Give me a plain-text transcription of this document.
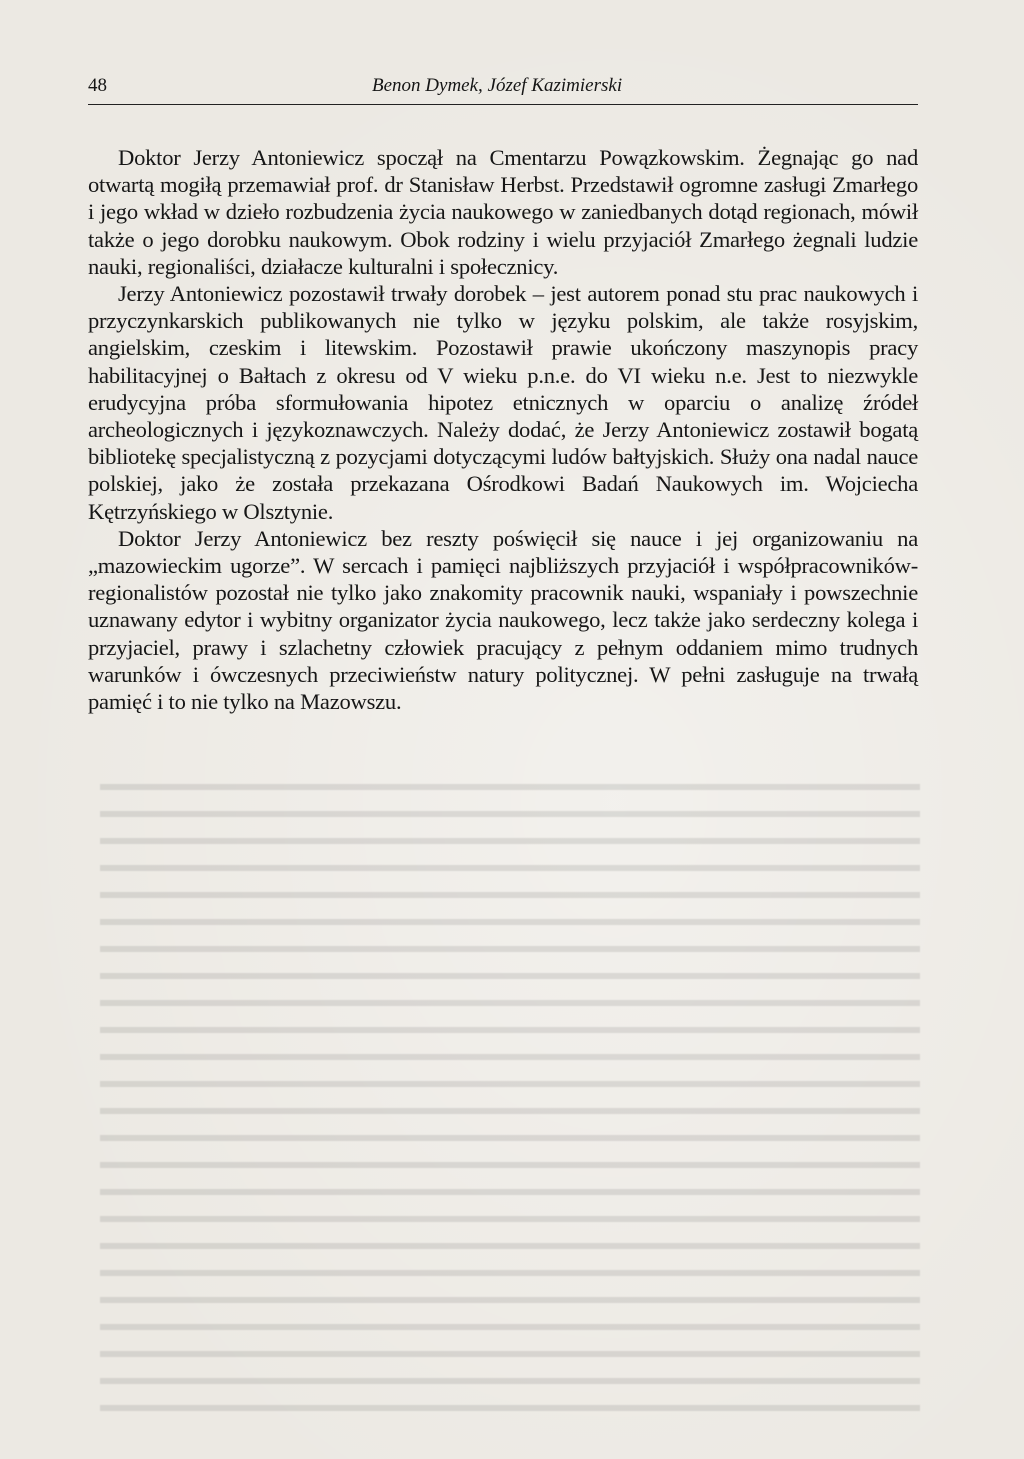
48	Benon Dymek, Józef Kazimierski

Doktor Jerzy Antoniewicz spoczął na Cmentarzu Powązkowskim. Żegnając go nad otwartą mogiłą przemawiał prof. dr Stanisław Herbst. Przedstawił ogromne zasługi Zmarłego i jego wkład w dzieło rozbudzenia życia naukowego w zaniedbanych dotąd regionach, mówił także o jego dorobku naukowym. Obok rodziny i wielu przyjaciół Zmarłego żegnali ludzie nauki, regionaliści, działacze kulturalni i społecznicy.

Jerzy Antoniewicz pozostawił trwały dorobek – jest autorem ponad stu prac naukowych i przyczynkarskich publikowanych nie tylko w języku polskim, ale także rosyjskim, angielskim, czeskim i litewskim. Pozostawił prawie ukończony maszynopis pracy habilitacyjnej o Bałtach z okresu od V wieku p.n.e. do VI wieku n.e. Jest to niezwykle erudycyjna próba sformułowania hipotez etnicznych w oparciu o analizę źródeł archeologicznych i językoznawczych. Należy dodać, że Jerzy Antoniewicz zostawił bogatą bibliotekę specjalistyczną z pozycjami dotyczącymi ludów bałtyjskich. Służy ona nadal nauce polskiej, jako że została przekazana Ośrodkowi Badań Naukowych im. Wojciecha Kętrzyńskiego w Olsztynie.

Doktor Jerzy Antoniewicz bez reszty poświęcił się nauce i jej organizowaniu na „mazowieckim ugorze”. W sercach i pamięci najbliższych przyjaciół i współpracowników-regionalistów pozostał nie tylko jako znakomity pracownik nauki, wspaniały i powszechnie uznawany edytor i wybitny organizator życia naukowego, lecz także jako serdeczny kolega i przyjaciel, prawy i szlachetny człowiek pracujący z pełnym oddaniem mimo trudnych warunków i ówczesnych przeciwieństw natury politycznej. W pełni zasługuje na trwałą pamięć i to nie tylko na Mazowszu.
